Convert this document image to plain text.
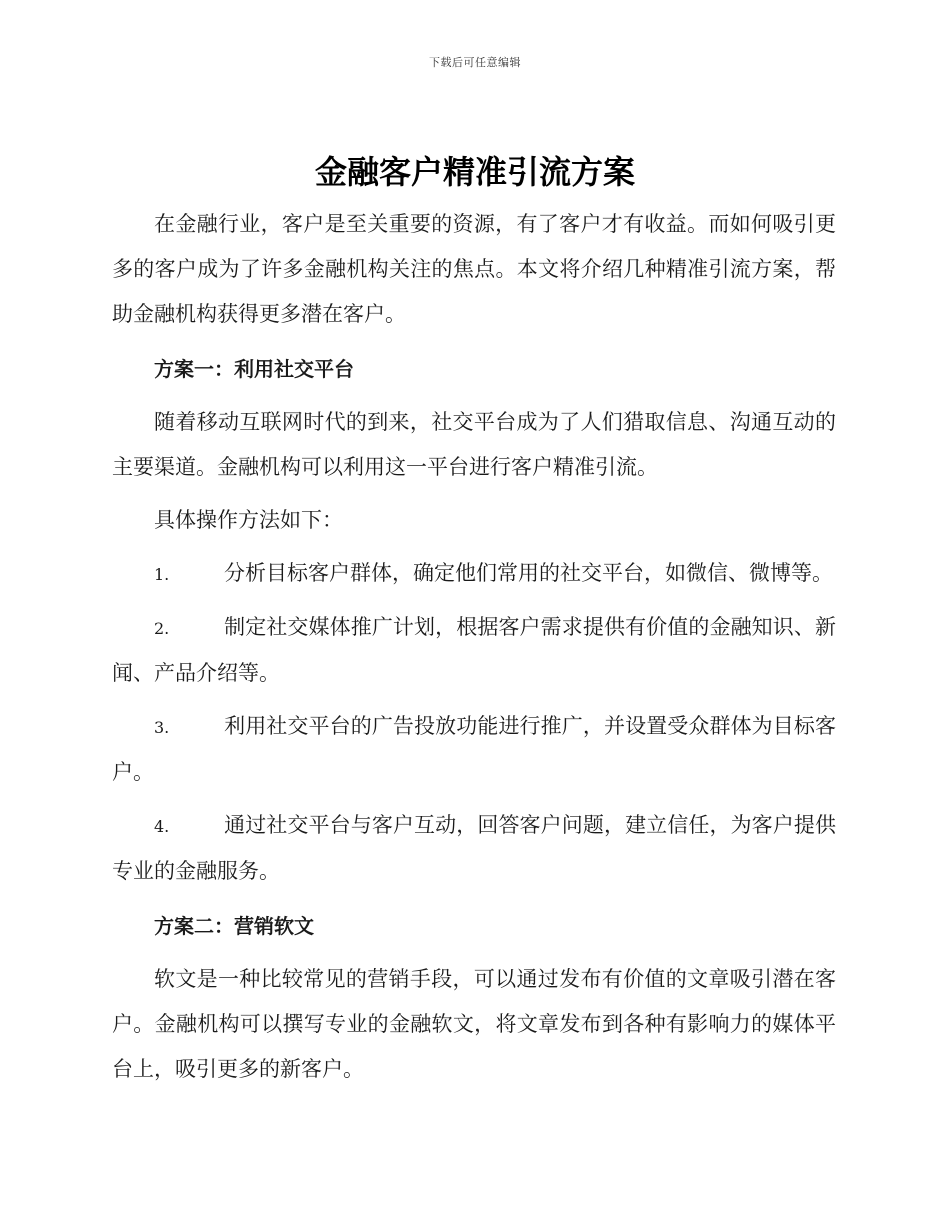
下载后可任意编辑
金融客户精准引流方案

在金融行业，客户是至关重要的资源，有了客户才有收益。而如何吸引更多的客户成为了许多金融机构关注的焦点。本文将介绍几种精准引流方案，帮助金融机构获得更多潜在客户。

方案一：利用社交平台

随着移动互联网时代的到来，社交平台成为了人们猎取信息、沟通互动的主要渠道。金融机构可以利用这一平台进行客户精准引流。

具体操作方法如下：

1.	分析目标客户群体，确定他们常用的社交平台，如微信、微博等。

2.	制定社交媒体推广计划，根据客户需求提供有价值的金融知识、新闻、产品介绍等。

3.	利用社交平台的广告投放功能进行推广，并设置受众群体为目标客户。

4.	通过社交平台与客户互动，回答客户问题，建立信任，为客户提供专业的金融服务。

方案二：营销软文

软文是一种比较常见的营销手段，可以通过发布有价值的文章吸引潜在客户。金融机构可以撰写专业的金融软文，将文章发布到各种有影响力的媒体平台上，吸引更多的新客户。
